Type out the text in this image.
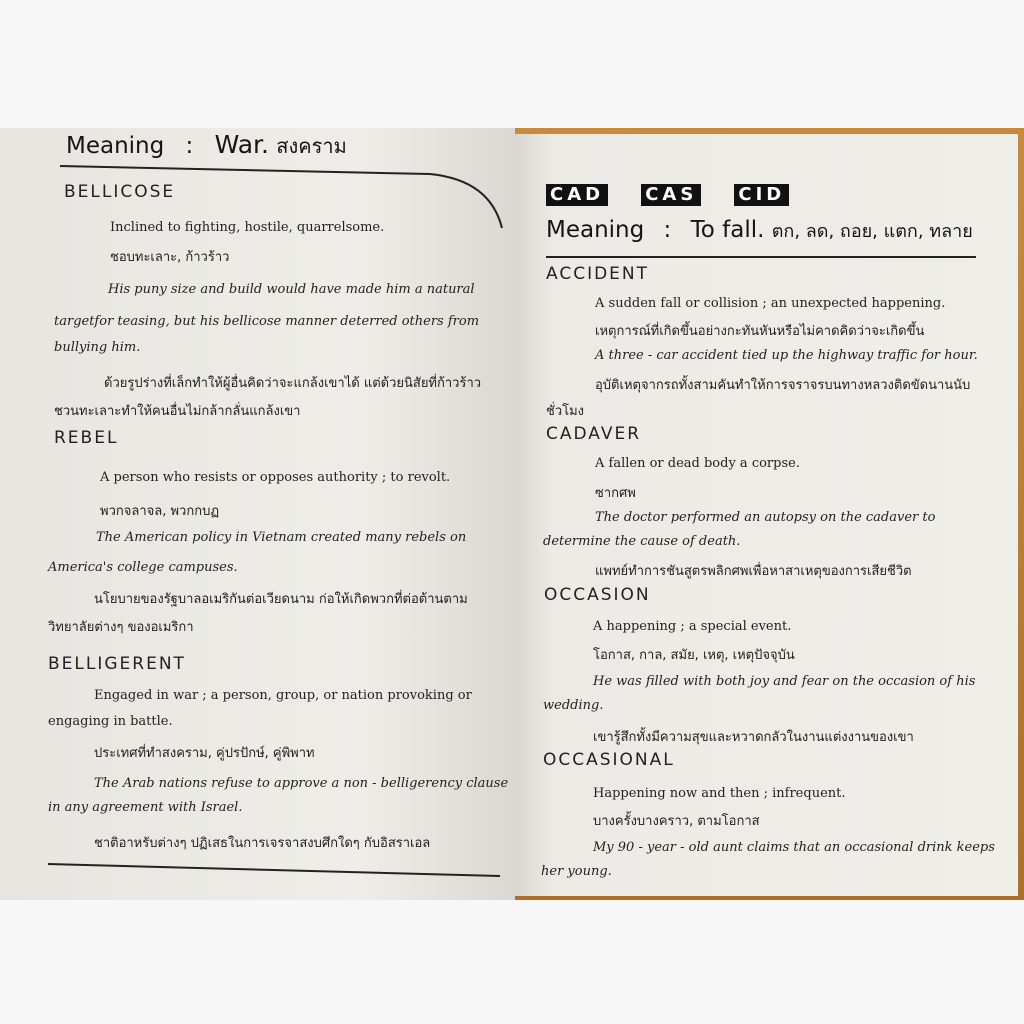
Meaning : War. สงคราม
BELLICOSE
Inclined to fighting, hostile, quarrelsome.
ชอบทะเลาะ, ก้าวร้าว
His puny size and build would have made him a natural
targetfor teasing, but his bellicose manner deterred others from
bullying him.
ด้วยรูปร่างที่เล็กทำให้ผู้อื่นคิดว่าจะแกล้งเขาได้ แต่ด้วยนิสัยที่ก้าวร้าว
ชวนทะเลาะทำให้คนอื่นไม่กล้ากลั่นแกล้งเขา
REBEL
A person who resists or opposes authority ; to revolt.
พวกจลาจล, พวกกบฏ
The American policy in Vietnam created many rebels on
America's college campuses.
นโยบายของรัฐบาลอเมริกันต่อเวียดนาม ก่อให้เกิดพวกที่ต่อต้านตาม
วิทยาลัยต่างๆ ของอเมริกา
BELLIGERENT
Engaged in war ; a person, group, or nation provoking or
engaging in battle.
ประเทศที่ทำสงคราม, คู่ปรปักษ์, คู่พิพาท
The Arab nations refuse to approve a non - belligerency clause
in any agreement with Israel.
ชาติอาหรับต่างๆ ปฏิเสธในการเจรจาสงบศึกใดๆ กับอิสราเอล
CAD CAS CID
Meaning : To fall. ตก, ลด, ถอย, แตก, ทลาย
ACCIDENT
A sudden fall or collision ; an unexpected happening.
เหตุการณ์ที่เกิดขึ้นอย่างกะทันหันหรือไม่คาดคิดว่าจะเกิดขึ้น
A three - car accident tied up the highway traffic for hour.
อุบัติเหตุจากรถทั้งสามคันทำให้การจราจรบนทางหลวงติดขัดนานนับ
ชั่วโมง
CADAVER
A fallen or dead body a corpse.
ซากศพ
The doctor performed an autopsy on the cadaver to
determine the cause of death.
แพทย์ทำการชันสูตรพลิกศพเพื่อหาสาเหตุของการเสียชีวิต
OCCASION
A happening ; a special event.
โอกาส, กาล, สมัย, เหตุ, เหตุปัจจุบัน
He was filled with both joy and fear on the occasion of his
wedding.
เขารู้สึกทั้งมีความสุขและหวาดกลัวในงานแต่งงานของเขา
OCCASIONAL
Happening now and then ; infrequent.
บางครั้งบางคราว, ตามโอกาส
My 90 - year - old aunt claims that an occasional drink keeps
her young.
